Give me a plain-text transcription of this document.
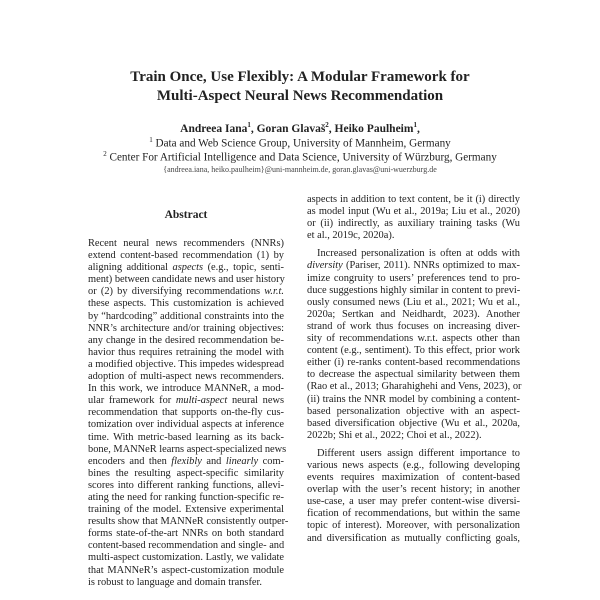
Train Once, Use Flexibly: A Modular Framework for
Multi-Aspect Neural News Recommendation
Andreea Iana$^1$, Goran Glavaš$^2$, Heiko Paulheim$^1$,
$^1$ Data and Web Science Group, University of Mannheim, Germany
$^2$ Center For Artificial Intelligence and Data Science, University of Würzburg, Germany
{andreea.iana, heiko.paulheim}@uni-mannheim.de, goran.glavas@uni-wuerzburg.de
Abstract
Recent neural news recommenders (NNRs)
extend content-based recommendation (1) by
aligning additional aspects (e.g., topic, senti-
ment) between candidate news and user history
or (2) by diversifying recommendations w.r.t.
these aspects. This customization is achieved
by “hardcoding” additional constraints into the
NNR’s architecture and/or training objectives:
any change in the desired recommendation be-
havior thus requires retraining the model with
a modified objective. This impedes widespread
adoption of multi-aspect news recommenders.
In this work, we introduce MANNeR, a mod-
ular framework for multi-aspect neural news
recommendation that supports on-the-fly cus-
tomization over individual aspects at inference
time. With metric-based learning as its back-
bone, MANNeR learns aspect-specialized news
encoders and then flexibly and linearly com-
bines the resulting aspect-specific similarity
scores into different ranking functions, allevi-
ating the need for ranking function-specific re-
training of the model. Extensive experimental
results show that MANNeR consistently outper-
forms state-of-the-art NNRs on both standard
content-based recommendation and single- and
multi-aspect customization. Lastly, we validate
that MANNeR’s aspect-customization module
is robust to language and domain transfer.
aspects in addition to text content, be it (i) directly
as model input (Wu et al., 2019a; Liu et al., 2020)
or (ii) indirectly, as auxiliary training tasks (Wu
et al., 2019c, 2020a).
Increased personalization is often at odds with
diversity (Pariser, 2011). NNRs optimized to max-
imize congruity to users’ preferences tend to pro-
duce suggestions highly similar in content to previ-
ously consumed news (Liu et al., 2021; Wu et al.,
2020a; Sertkan and Neidhardt, 2023). Another
strand of work thus focuses on increasing diver-
sity of recommendations w.r.t. aspects other than
content (e.g., sentiment). To this effect, prior work
either (i) re-ranks content-based recommendations
to decrease the aspectual similarity between them
(Rao et al., 2013; Gharahighehi and Vens, 2023), or
(ii) trains the NNR model by combining a content-
based personalization objective with an aspect-
based diversification objective (Wu et al., 2020a,
2022b; Shi et al., 2022; Choi et al., 2022).
Different users assign different importance to
various news aspects (e.g., following developing
events requires maximization of content-based
overlap with the user’s recent history; in another
use-case, a user may prefer content-wise diversi-
fication of recommendations, but within the same
topic of interest). Moreover, with personalization
and diversification as mutually conflicting goals,
